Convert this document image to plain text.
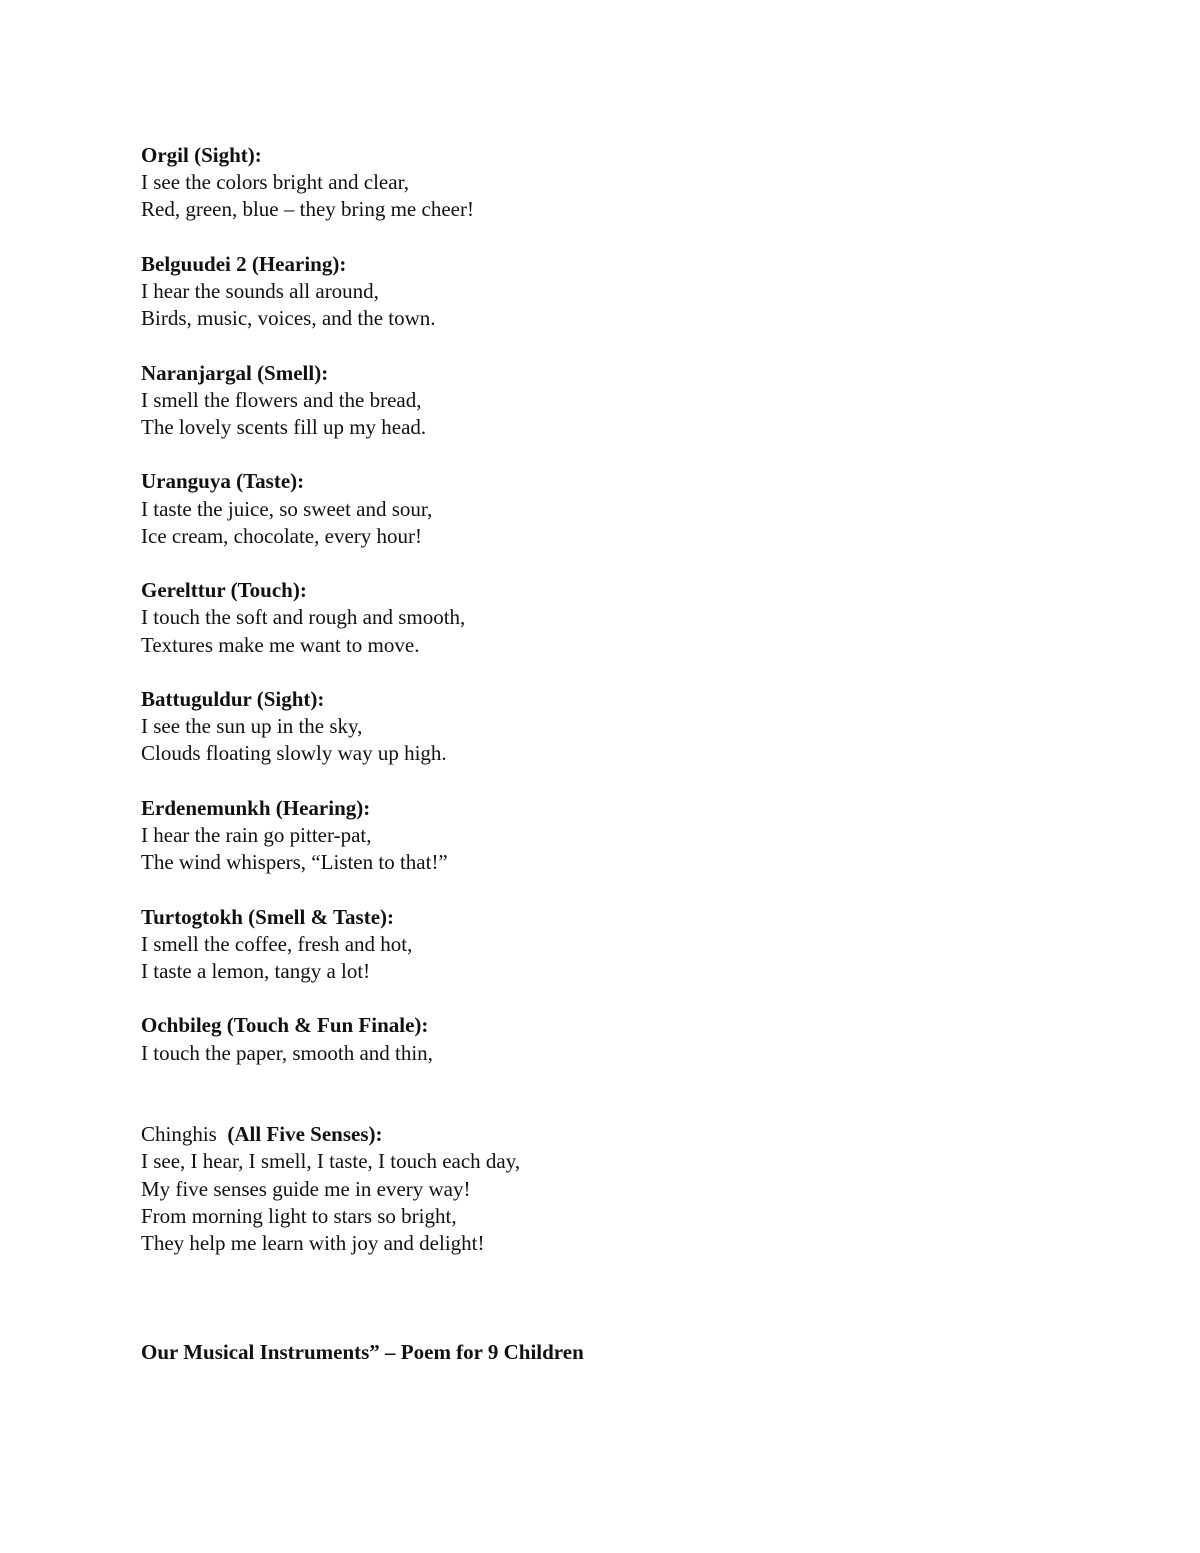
Orgil (Sight):
I see the colors bright and clear,
Red, green, blue – they bring me cheer!
Belguudei 2 (Hearing):
I hear the sounds all around,
Birds, music, voices, and the town.
Naranjargal (Smell):
I smell the flowers and the bread,
The lovely scents fill up my head.
Uranguya (Taste):
I taste the juice, so sweet and sour,
Ice cream, chocolate, every hour!
Gerelttur (Touch):
I touch the soft and rough and smooth,
Textures make me want to move.
Battuguldur (Sight):
I see the sun up in the sky,
Clouds floating slowly way up high.
Erdenemunkh (Hearing):
I hear the rain go pitter-pat,
The wind whispers, “Listen to that!”
Turtogtokh (Smell & Taste):
I smell the coffee, fresh and hot,
I taste a lemon, tangy a lot!
Ochbileg (Touch & Fun Finale):
I touch the paper, smooth and thin,
Chinghis (All Five Senses):
I see, I hear, I smell, I taste, I touch each day,
My five senses guide me in every way!
From morning light to stars so bright,
They help me learn with joy and delight!
Our Musical Instruments” – Poem for 9 Children
